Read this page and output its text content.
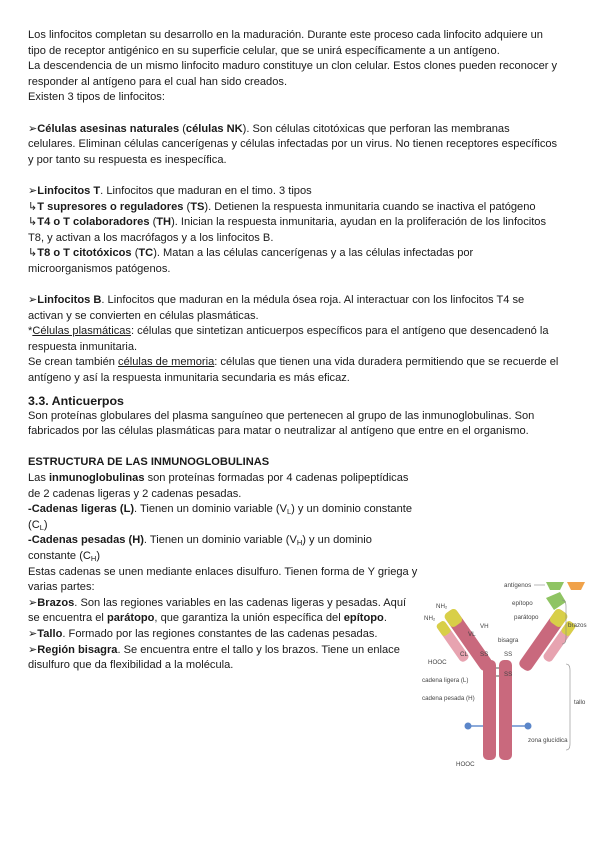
Los linfocitos completan su desarrollo en la maduración. Durante este proceso cada linfocito adquiere un tipo de receptor antigénico en su superficie celular, que se unirá específicamente a un antígeno.

La descendencia de un mismo linfocito maduro constituye un clon celular. Estos clones pueden reconocer y responder al antígeno para el cual han sido creados.

Existen 3 tipos de linfocitos:

➢Células asesinas naturales (células NK). Son células citotóxicas que perforan las membranas celulares. Eliminan células cancerígenas y células infectadas por un virus. No tienen receptores específicos y por tanto su respuesta es inespecífica.

➢Linfocitos T. Linfocitos que maduran en el timo. 3 tipos

↳T supresores o reguladores (TS). Detienen la respuesta inmunitaria cuando se inactiva el patógeno

↳T4 o T colaboradores (TH). Inician la respuesta inmunitaria, ayudan en la proliferación de los linfocitos T8, y activan a los macrófagos y a los linfocitos B.

↳T8 o T citotóxicos (TC). Matan a las células cancerígenas y a las células infectadas por microorganismos patógenos.

➢Linfocitos B. Linfocitos que maduran en la médula ósea roja. Al interactuar con los linfocitos T4 se activan y se convierten en células plasmáticas.

*Células plasmáticas: células que sintetizan anticuerpos específicos para el antígeno que desencadenó la respuesta inmunitaria.

Se crean también células de memoria: células que tienen una vida duradera permitiendo que se recuerde el antígeno y así la respuesta inmunitaria secundaria es más eficaz.

3.3. Anticuerpos

Son proteínas globulares del plasma sanguíneo que pertenecen al grupo de las inmunoglobulinas. Son fabricados por las células plasmáticas para matar o neutralizar al antígeno que entre en el organismo.

ESTRUCTURA DE LAS INMUNOGLOBULINAS

Las inmunoglobulinas son proteínas formadas por 4 cadenas polipeptídicas de 2 cadenas ligeras y 2 cadenas pesadas.

-Cadenas ligeras (L). Tienen un dominio variable $(V_L)$ y un dominio constante $(C_L)$

-Cadenas pesadas (H). Tienen un dominio variable $(V_H)$ y un dominio constante $(C_H)$

Estas cadenas se unen mediante enlaces disulfuro. Tienen forma de Y griega y varias partes:

➢Brazos. Son las regiones variables en las cadenas ligeras y pesadas. Aquí se encuentra el parátopo, que garantiza la unión específica del epítopo.

➢Tallo. Formado por las regiones constantes de las cadenas pesadas.

➢Región bisagra. Se encuentra entre el tallo y los brazos. Tiene un enlace disulfuro que da flexibilidad a la molécula.

antígenos
epítopo
parátopo
bisagra
brazos
NH₂
NH₂
VL
CL
VH
SS	SS
SS
HOOC
cadena ligera (L)
cadena pesada (H)
HOOC
tallo
zona glucídica
